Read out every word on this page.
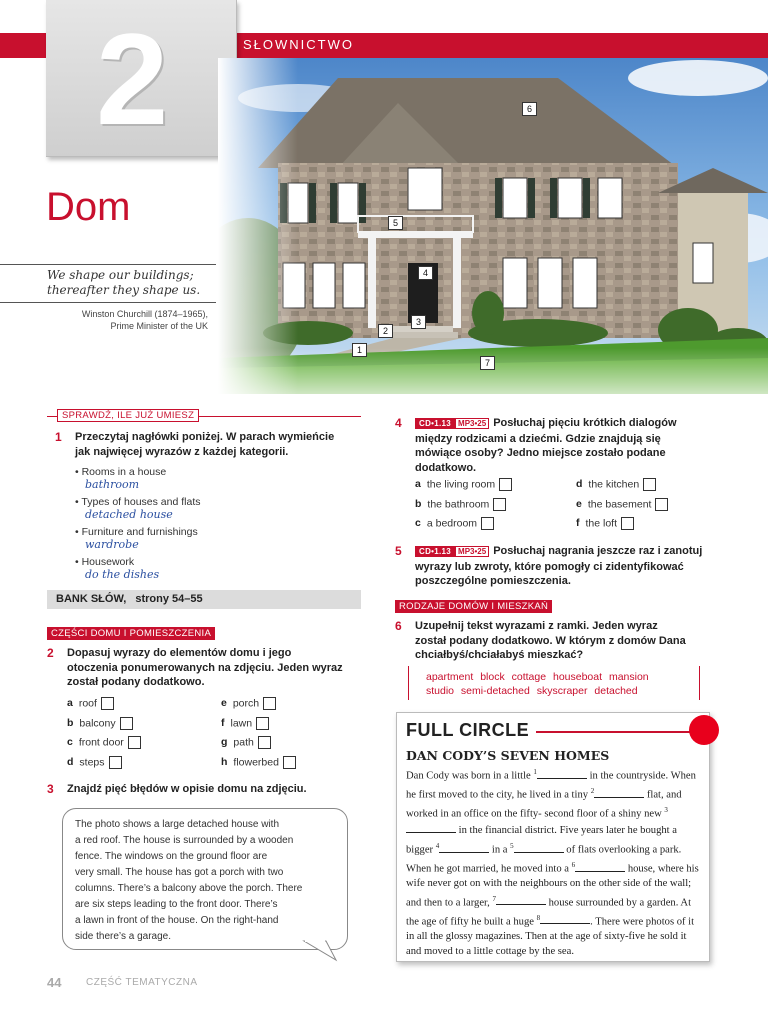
SŁOWNICTWO
2
Dom
We shape our buildings;
thereafter they shape us.
Winston Churchill (1874–1965),
Prime Minister of the UK
1
2
3
4
5
6
7
SPRAWDŹ, ILE JUŻ UMIESZ
1 Przeczytaj nagłówki poniżej. W parach wymieńcie
jak najwięcej wyrazów z każdej kategorii.
• Rooms in a house
bathroom
• Types of houses and flats
detached house
• Furniture and furnishings
wardrobe
• Housework
do the dishes
BANK SŁÓW, strony 54–55
CZĘŚCI DOMU I POMIESZCZENIA
2 Dopasuj wyrazy do elementów domu i jego
otoczenia ponumerowanych na zdjęciu. Jeden wyraz
został podany dodatkowo.
a roof
b balcony
c front door
d steps
e porch
f lawn
g path
h flowerbed
3 Znajdź pięć błędów w opisie domu na zdjęciu.
The photo shows a large detached house with
a red roof. The house is surrounded by a wooden
fence. The windows on the ground floor are
very small. The house has got a porch with two
columns. There’s a balcony above the porch. There
are six steps leading to the front door. There’s
a lawn in front of the house. On the right-hand
side there’s a garage.
4	CD•1.13 MP3•25 Posłuchaj pięciu krótkich dialogów
między rodzicami a dziećmi. Gdzie znajdują się
mówiące osoby? Jedno miejsce zostało podane
dodatkowo.
a the living room
b the bathroom
c a bedroom
d the kitchen
e the basement
f the loft
5	CD•1.13 MP3•25 Posłuchaj nagrania jeszcze raz i zanotuj
wyrazy lub zwroty, które pomogły ci zidentyfikować
poszczególne pomieszczenia.
RODZAJE DOMÓW I MIESZKAŃ
6 Uzupełnij tekst wyrazami z ramki. Jeden wyraz
został podany dodatkowo. W którym z domów Dana
chciałbyś/chciałabyś mieszkać?
apartment block cottage houseboat mansion
studio semi-detached skyscraper detached
FULL CIRCLE
DAN CODY’S SEVEN HOMES
Dan Cody was born in a little $^1$	in the countryside. When he first moved to the city, he lived in a tiny $^2$	flat, and worked in an office on the fifty- second floor of a shiny new $^3$ in the financial district. Five years later he bought a bigger $^4$	in a $^5$	of flats overlooking a park. When he got married, he moved into a $^6$	house, where his wife never got on with the neighbours on the other side of the wall; and then to a larger, $^7$	house surrounded by a garden. At the age of fifty he built a huge $^8$	. There were photos of it in all the glossy magazines. Then at the age of sixty-five he sold it and moved to a little cottage by the sea.
44 CZĘŚĆ TEMATYCZNA
